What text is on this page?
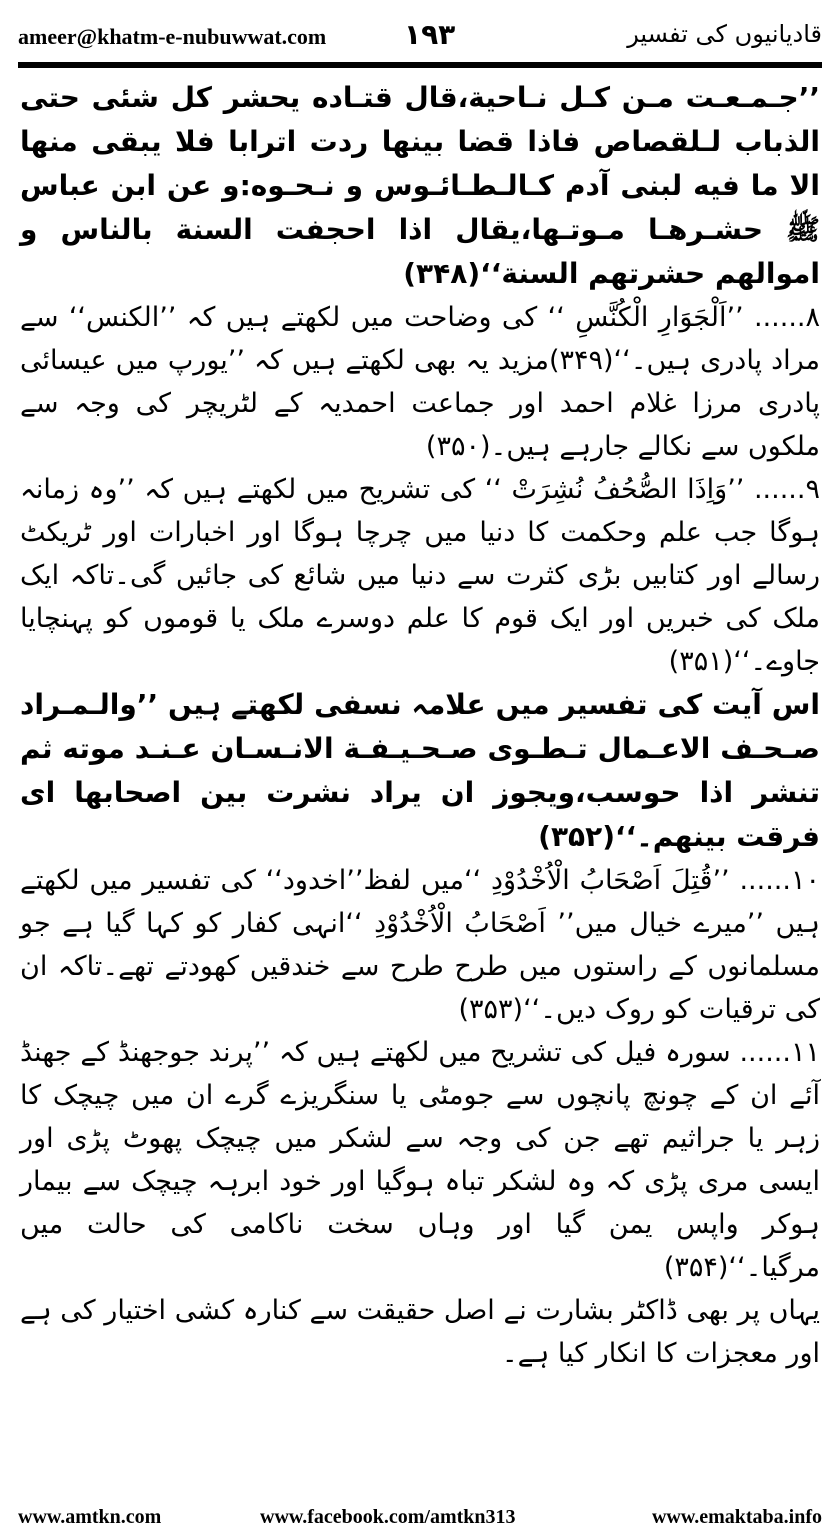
ameer@khatm-e-nubuwwat.com	۱۹۳	قادیانیوں کی تفسیر

’’جـمـعـت مـن كـل نـاحية،قال قتـاده يحشر كل شئى حتى الذباب لـلقصاص فاذا قضا بينها ردت اترابا فلا يبقى منها الا ما فيه لبنى آدم كـالـطـائـوس و نـحـوه:و عن ابن عباس ﷺ حشـرهـا مـوتـها،يقال اذا احجفت السنة بالناس و اموالهم حشرتهم السنة‘‘(۳۴۸)

۸...... ’’اَلْجَوَارِ الْکُنَّسِ ‘‘ کی وضاحت میں لکھتے ہیں کہ ’’الکنس‘‘ سے مراد پادری ہیں۔‘‘(۳۴۹)مزید یہ بھی لکھتے ہیں کہ ’’یورپ میں عیسائی پادری مرزا غلام احمد اور جماعت احمدیہ کے لٹریچر کی وجہ سے ملکوں سے نکالے جارہے ہیں۔(۳۵۰)

۹...... ’’وَاِذَا الصُّحُفُ نُشِرَتْ ‘‘ کی تشریح میں لکھتے ہیں کہ ’’وہ زمانہ ہوگا جب علم وحکمت کا دنیا میں چرچا ہوگا اور اخبارات اور ٹریکٹ رسالے اور کتابیں بڑی کثرت سے دنیا میں شائع کی جائیں گی۔تاکہ ایک ملک کی خبریں اور ایک قوم کا علم دوسرے ملک یا قوموں کو پہنچایا جاوے۔‘‘(۳۵۱)

اس آیت کی تفسیر میں علامہ نسفی لکھتے ہیں ’’والـمـراد صـحـف الاعـمال تـطـوى صـحـيـفـة الانـسـان عـنـد موته ثم تنشر اذا حوسب،ويجوز ان يراد نشرت بين اصحابها اى فرقت بينهم۔‘‘(۳۵۲)

۱۰...... ’’قُتِلَ اَصْحَابُ الْاُخْدُوْدِ ‘‘میں لفظ’’اخدود‘‘ کی تفسیر میں لکھتے ہیں ’’میرے خیال میں’’ اَصْحَابُ الْاُخْدُوْدِ ‘‘انہی کفار کو کہا گیا ہے جو مسلمانوں کے راستوں میں طرح طرح سے خندقیں کھودتے تھے۔تاکہ ان کی ترقیات کو روک دیں۔‘‘(۳۵۳)

۱۱...... سورہ فیل کی تشریح میں لکھتے ہیں کہ ’’پرند جوجھنڈ کے جھنڈ آئے ان کے چونچ پانچوں سے جومٹی یا سنگریزے گرے ان میں چیچک کا زہر یا جراثیم تھے جن کی وجہ سے لشکر میں چیچک پھوٹ پڑی اور ایسی مری پڑی کہ وہ لشکر تباہ ہوگیا اور خود ابرہہ چیچک سے بیمار ہوکر واپس یمن گیا اور وہاں سخت ناکامی کی حالت میں مرگیا۔‘‘(۳۵۴)

یہاں پر بھی ڈاکٹر بشارت نے اصل حقیقت سے کنارہ کشی اختیار کی ہے اور معجزات کا انکار کیا ہے۔

www.amtkn.com	www.facebook.com/amtkn313	www.emaktaba.info
